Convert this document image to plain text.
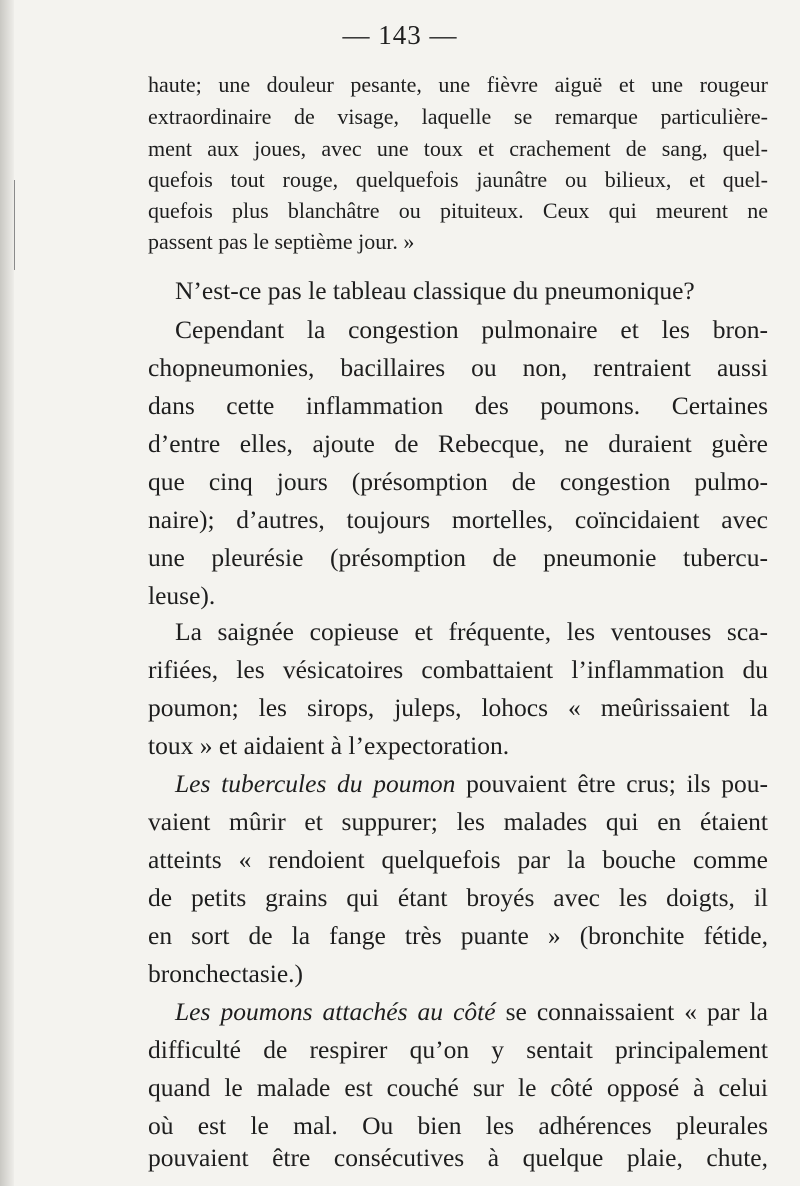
— 143 —
haute; une douleur pesante, une fièvre aiguë et une rougeur
extraordinaire de visage, laquelle se remarque particulière-
ment aux joues, avec une toux et crachement de sang, quel-
quefois tout rouge, quelquefois jaunâtre ou bilieux, et quel-
quefois plus blanchâtre ou pituiteux. Ceux qui meurent ne
passent pas le septième jour. »
N’est-ce pas le tableau classique du pneumonique?
Cependant la congestion pulmonaire et les bron-
chopneumonies, bacillaires ou non, rentraient aussi
dans cette inflammation des poumons. Certaines
d’entre elles, ajoute de Rebecque, ne duraient guère
que cinq jours (présomption de congestion pulmo-
naire); d’autres, toujours mortelles, coïncidaient avec
une pleurésie (présomption de pneumonie tubercu-
leuse).
La saignée copieuse et fréquente, les ventouses sca-
rifiées, les vésicatoires combattaient l’inflammation du
poumon; les sirops, juleps, lohocs « meûrissaient la
toux » et aidaient à l’expectoration.
Les tubercules du poumon pouvaient être crus; ils pou-
vaient mûrir et suppurer; les malades qui en étaient
atteints « rendoient quelquefois par la bouche comme
de petits grains qui étant broyés avec les doigts, il
en sort de la fange très puante » (bronchite fétide,
bronchectasie.)
Les poumons attachés au côté se connaissaient « par la
difficulté de respirer qu’on y sentait principalement
quand le malade est couché sur le côté opposé à celui
où est le mal. Ou bien les adhérences pleurales
pouvaient être consécutives à quelque plaie, chute,
